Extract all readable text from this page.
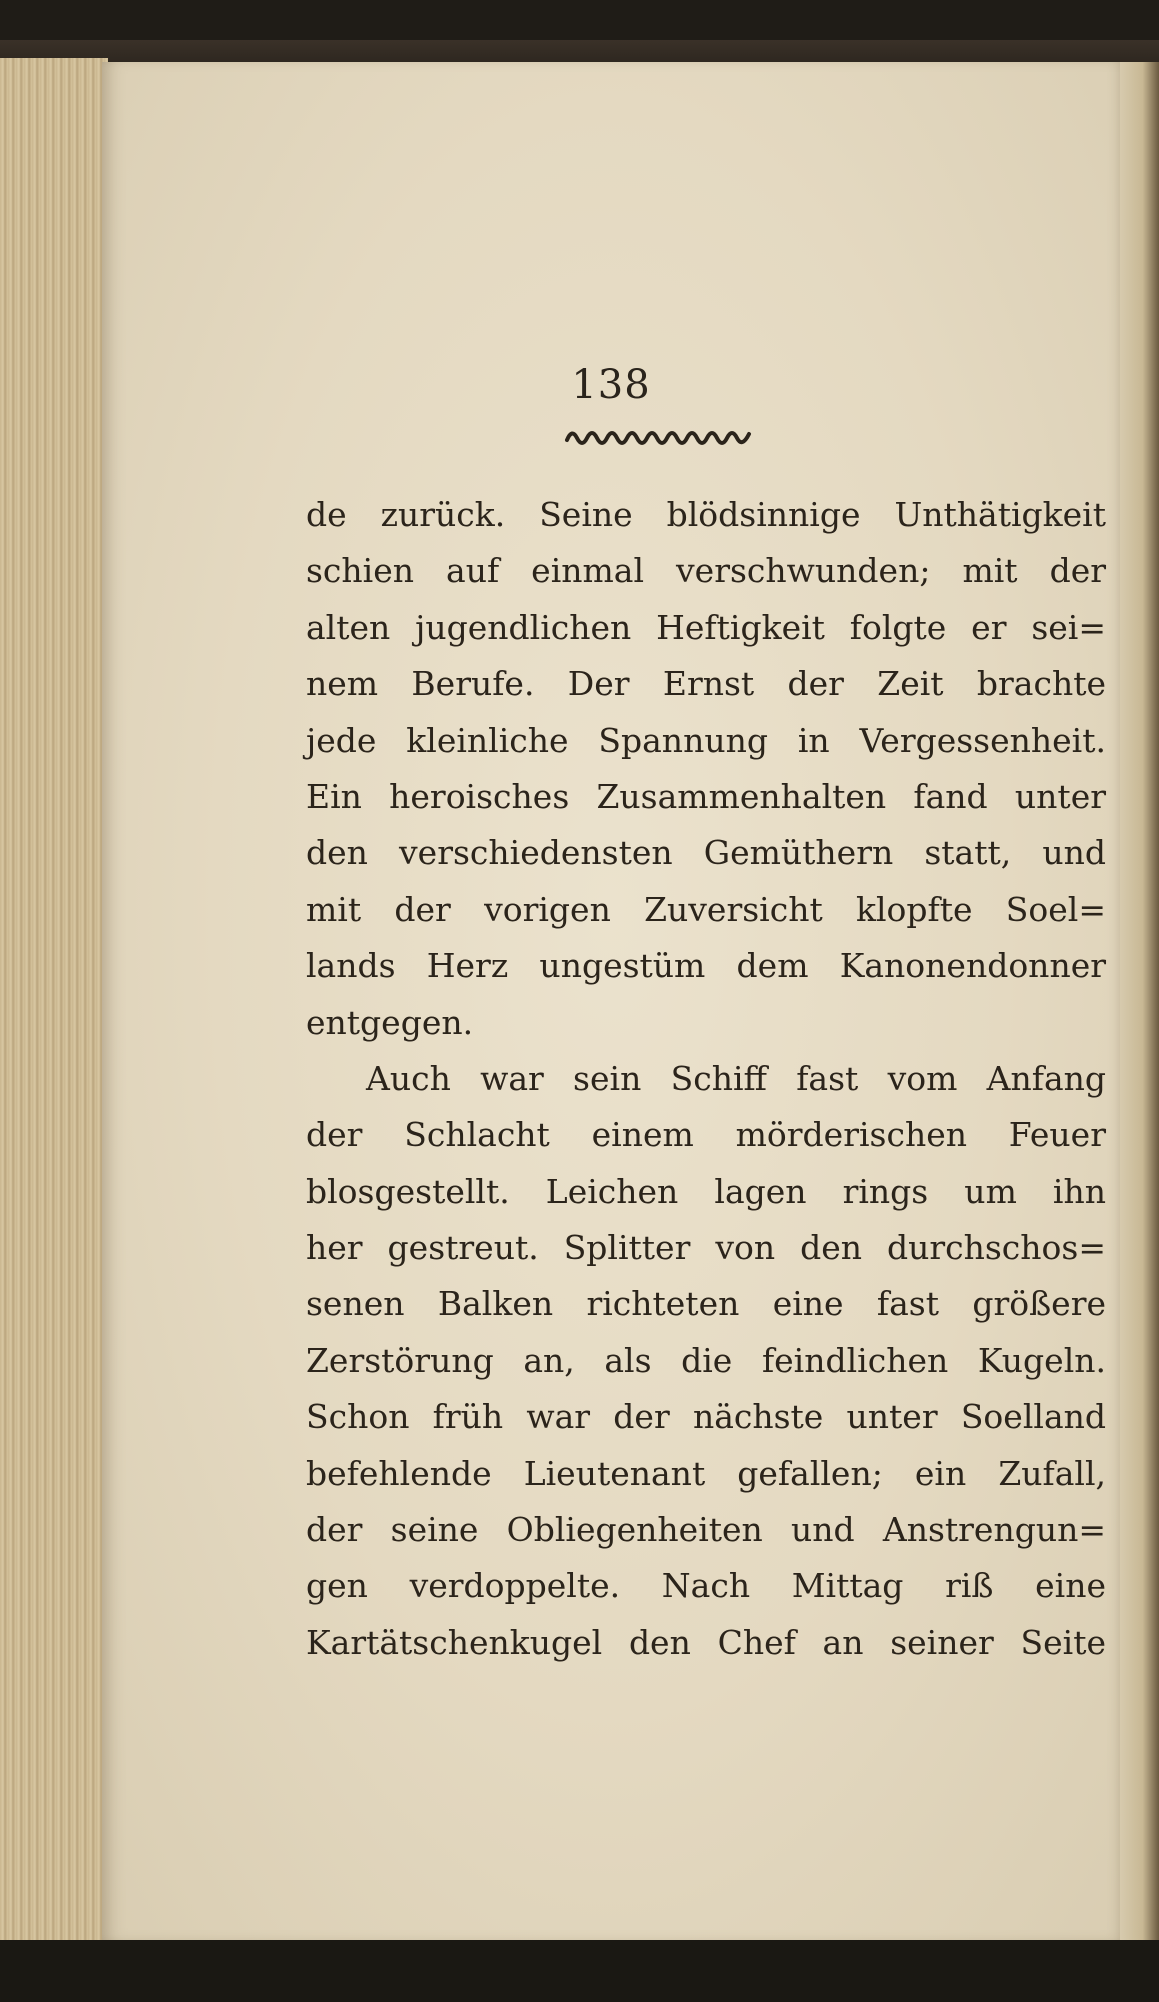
138
de zurück. Seine blödsinnige Unthätigkeit
schien auf einmal verschwunden; mit der
alten jugendlichen Heftigkeit folgte er sei=
nem Berufe. Der Ernst der Zeit brachte
jede kleinliche Spannung in Vergessenheit.
Ein heroisches Zusammenhalten fand unter
den verschiedensten Gemüthern statt, und
mit der vorigen Zuversicht klopfte Soel=
lands Herz ungestüm dem Kanonendonner
entgegen.
Auch war sein Schiff fast vom Anfang
der Schlacht einem mörderischen Feuer
blosgestellt. Leichen lagen rings um ihn
her gestreut. Splitter von den durchschos=
senen Balken richteten eine fast größere
Zerstörung an, als die feindlichen Kugeln.
Schon früh war der nächste unter Soelland
befehlende Lieutenant gefallen; ein Zufall,
der seine Obliegenheiten und Anstrengun=
gen verdoppelte. Nach Mittag riß eine
Kartätschenkugel den Chef an seiner Seite
